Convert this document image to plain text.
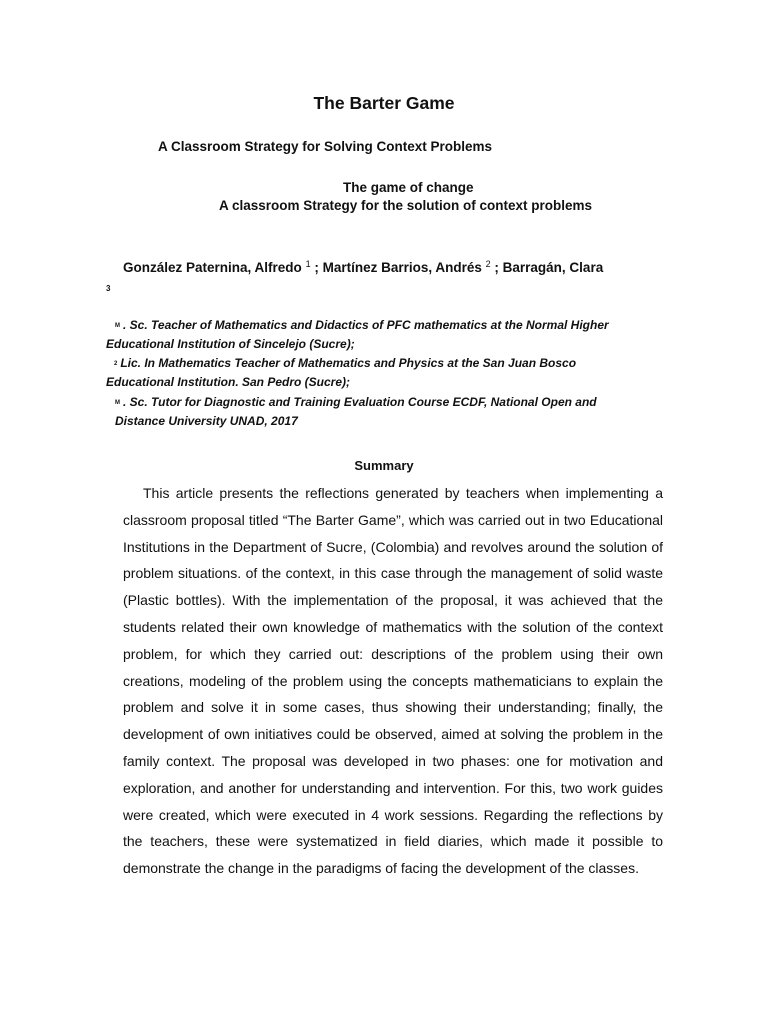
The Barter Game
A Classroom Strategy for Solving Context Problems
The game of change
A classroom Strategy for the solution of context problems
González Paternina, Alfredo $^1$ ; Martínez Barrios, Andrés $^2$ ; Barragán, Clara
3
M . Sc. Teacher of Mathematics and Didactics of PFC mathematics at the Normal Higher
Educational Institution of Sincelejo (Sucre);
2 Lic. In Mathematics Teacher of Mathematics and Physics at the San Juan Bosco
Educational Institution. San Pedro (Sucre);
M . Sc. Tutor for Diagnostic and Training Evaluation Course ECDF, National Open and
Distance University UNAD, 2017
Summary

This article presents the reflections generated by teachers when implementing a classroom proposal titled “The Barter Game”, which was carried out in two Educational Institutions in the Department of Sucre, (Colombia) and revolves around the solution of problem situations. of the context, in this case through the management of solid waste (Plastic bottles). With the implementation of the proposal, it was achieved that the students related their own knowledge of mathematics with the solution of the context problem, for which they carried out: descriptions of the problem using their own creations, modeling of the problem using the concepts mathematicians to explain the problem and solve it in some cases, thus showing their understanding; finally, the development of own initiatives could be observed, aimed at solving the problem in the family context. The proposal was developed in two phases: one for motivation and exploration, and another for understanding and intervention. For this, two work guides were created, which were executed in 4 work sessions. Regarding the reflections by the teachers, these were systematized in field diaries, which made it possible to demonstrate the change in the paradigms of facing the development of the classes.
